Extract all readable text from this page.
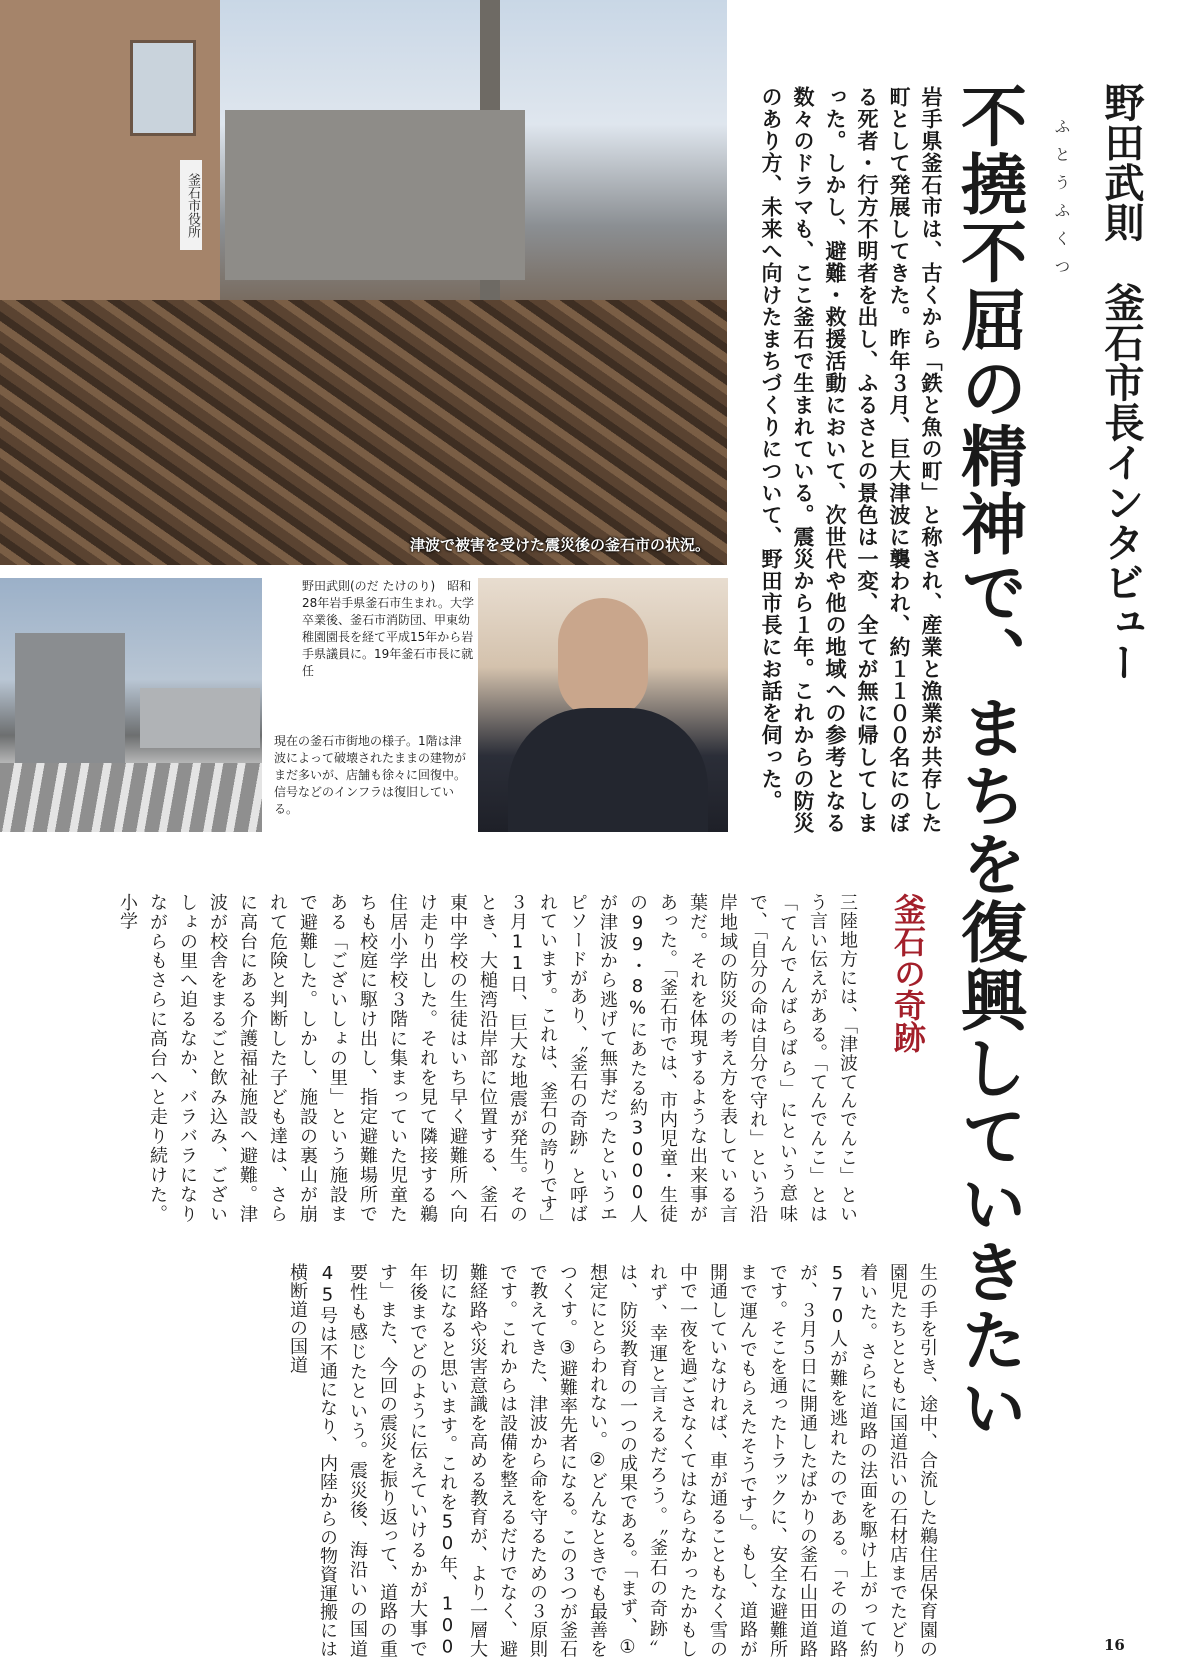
釜石市役所
津波で被害を受けた震災後の釜石市の状況。
野田武則(のだ たけのり)　昭和28年岩手県釜石市生まれ。大学卒業後、釜石市消防団、甲東幼稚園園長を経て平成15年から岩手県議員に。19年釜石市長に就任
現在の釜石市街地の様子。1階は津波によって破壊されたままの建物がまだ多いが、店舗も徐々に回復中。信号などのインフラは復旧している。
野田武則　釜石市長インタビュー
ふとうふくつ
不撓不屈の精神で、まちを復興していきたい
岩手県釜石市は、古くから「鉄と魚の町」と称され、産業と漁業が共存した町として発展してきた。昨年３月、巨大津波に襲われ、約１１００名にのぼる死者・行方不明者を出し、ふるさとの景色は一変、全てが無に帰してしまった。しかし、避難・救援活動において、次世代や他の地域への参考となる数々のドラマも、ここ釜石で生まれている。震災から１年。これからの防災のあり方、未来へ向けたまちづくりについて、野田市長にお話を伺った。
釜石の奇跡
三陸地方には、「津波てんでんこ」という言い伝えがある。「てんでんこ」とは「てんでんばらばら」にという意味で、「自分の命は自分で守れ」という沿岸地域の防災の考え方を表している言葉だ。それを体現するような出来事があった。「釜石市では、市内児童・生徒の99・8%にあたる約3000人が津波から逃げて無事だったというエピソードがあり、〝釜石の奇跡〟と呼ばれています。これは、釜石の誇りです」３月11日、巨大な地震が発生。そのとき、大槌湾沿岸部に位置する、釜石東中学校の生徒はいち早く避難所へ向け走り出した。それを見て隣接する鵜住居小学校３階に集まっていた児童たちも校庭に駆け出し、指定避難場所である「ございしょの里」という施設まで避難した。しかし、施設の裏山が崩れて危険と判断した子ども達は、さらに高台にある介護福祉施設へ避難。津波が校舎をまるごと飲み込み、ございしょの里へ迫るなか、バラバラになりながらもさらに高台へと走り続けた。小学
生の手を引き、途中、合流した鵜住居保育園の園児たちとともに国道沿いの石材店までたどり着いた。さらに道路の法面を駆け上がって約570人が難を逃れたのである。「その道路が、３月５日に開通したばかりの釜石山田道路です。そこを通ったトラックに、安全な避難所まで運んでもらえたそうです」。もし、道路が開通していなければ、車が通ることもなく雪の中で一夜を過ごさなくてはならなかったかもしれず、幸運と言えるだろう。〝釜石の奇跡〟は、防災教育の一つの成果である。「まず、①想定にとらわれない。②どんなときでも最善をつくす。③避難率先者になる。この３つが釜石で教えてきた、津波から命を守るための３原則です。これからは設備を整えるだけでなく、避難経路や災害意識を高める教育が、より一層大切になると思います。これを50年、100年後までどのように伝えていけるかが大事です」また、今回の震災を振り返って、道路の重要性も感じたという。震災後、海沿いの国道45号は不通になり、内陸からの物資運搬には横断道の国道
16
